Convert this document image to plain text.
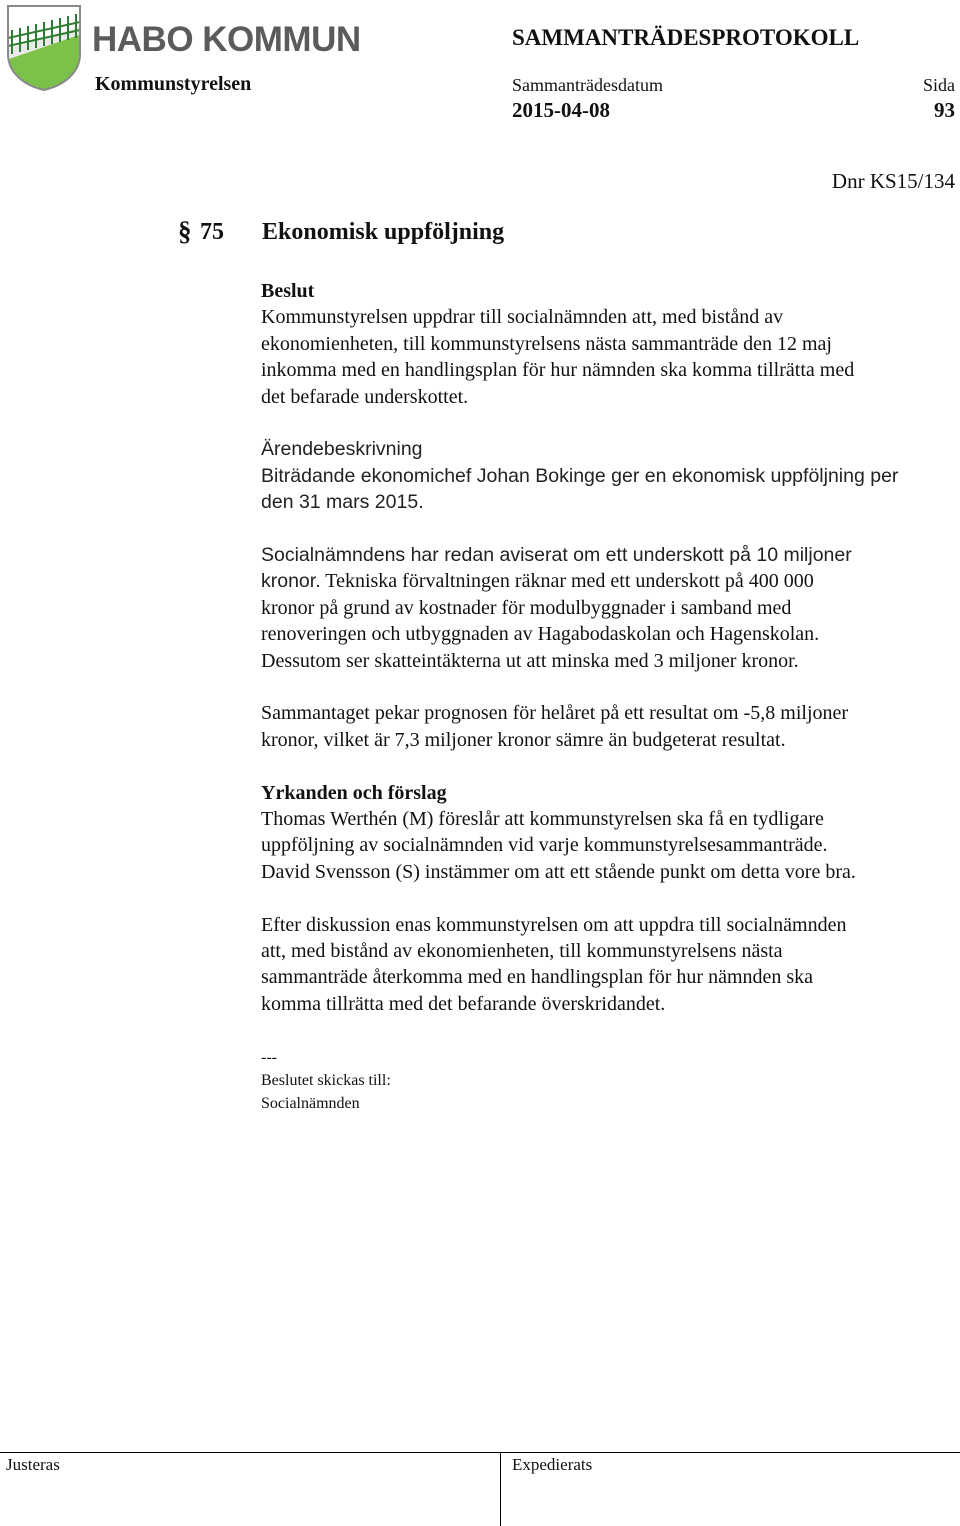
HABO KOMMUN	SAMMANTRÄDESPROTOKOLL
Kommunstyrelsen	Sammanträdesdatum	Sida
2015-04-08	93
Dnr KS15/134
§ 75 Ekonomisk uppföljning

Beslut

Kommunstyrelsen uppdrar till socialnämnden att, med bistånd av
ekonomienheten, till kommunstyrelsens nästa sammanträde den 12 maj
inkomma med en handlingsplan för hur nämnden ska komma tillrätta med
det befarade underskottet.

Ärendebeskrivning

Biträdande ekonomichef Johan Bokinge ger en ekonomisk uppföljning per
den 31 mars 2015.

Socialnämndens har redan aviserat om ett underskott på 10 miljoner
kronor. Tekniska förvaltningen räknar med ett underskott på 400 000
kronor på grund av kostnader för modulbyggnader i samband med
renoveringen och utbyggnaden av Hagabodaskolan och Hagenskolan.
Dessutom ser skatteintäkterna ut att minska med 3 miljoner kronor.

Sammantaget pekar prognosen för helåret på ett resultat om -5,8 miljoner
kronor, vilket är 7,3 miljoner kronor sämre än budgeterat resultat.

Yrkanden och förslag

Thomas Werthén (M) föreslår att kommunstyrelsen ska få en tydligare
uppföljning av socialnämnden vid varje kommunstyrelsesammanträde.
David Svensson (S) instämmer om att ett stående punkt om detta vore bra.

Efter diskussion enas kommunstyrelsen om att uppdra till socialnämnden
att, med bistånd av ekonomienheten, till kommunstyrelsens nästa
sammanträde återkomma med en handlingsplan för hur nämnden ska
komma tillrätta med det befarande överskridandet.

---
Beslutet skickas till:
Socialnämnden
Justeras	Expedierats
